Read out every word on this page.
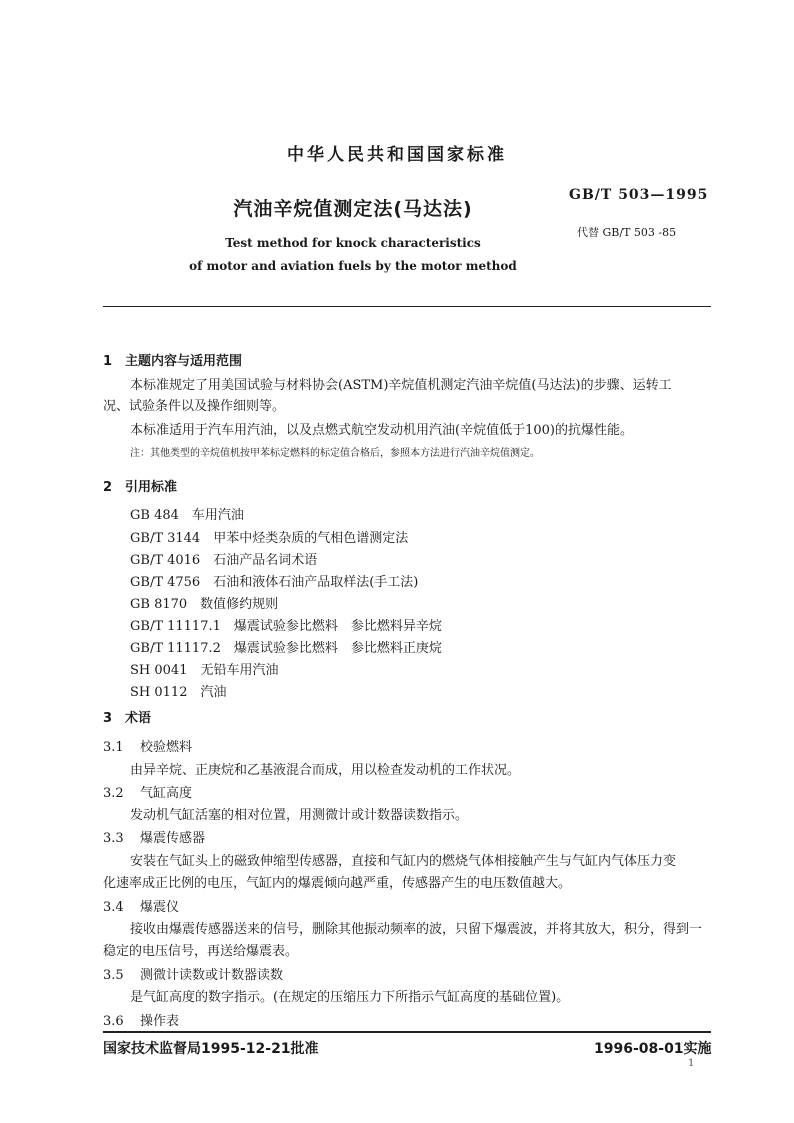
中华人民共和国国家标准
汽油辛烷值测定法(马达法)
Test method for knock characteristics
of motor and aviation fuels by the motor method
GB/T 503—1995
代替 GB/T 503 -85
1　主题内容与适用范围
本标准规定了用美国试验与材料协会(ASTM)辛烷值机测定汽油辛烷值(马达法)的步骤、运转工
况、试验条件以及操作细则等。
本标准适用于汽车用汽油，以及点燃式航空发动机用汽油(辛烷值低于100)的抗爆性能。
注：其他类型的辛烷值机按甲苯标定燃料的标定值合格后，参照本方法进行汽油辛烷值测定。
2　引用标准
GB 484　车用汽油
GB/T 3144　甲苯中烃类杂质的气相色谱测定法
GB/T 4016　石油产品名词术语
GB/T 4756　石油和液体石油产品取样法(手工法)
GB 8170　数值修约规则
GB/T 11117.1　爆震试验参比燃料　参比燃料异辛烷
GB/T 11117.2　爆震试验参比燃料　参比燃料正庚烷
SH 0041　无铅车用汽油
SH 0112　汽油
3　术语
3.1 校验燃料
由异辛烷、正庚烷和乙基液混合而成，用以检查发动机的工作状况。
3.2 气缸高度
发动机气缸活塞的相对位置，用测微计或计数器读数指示。
3.3 爆震传感器
安装在气缸头上的磁致伸缩型传感器，直接和气缸内的燃烧气体相接触产生与气缸内气体压力变
化速率成正比例的电压，气缸内的爆震倾向越严重，传感器产生的电压数值越大。
3.4 爆震仪
接收由爆震传感器送来的信号，删除其他振动频率的波，只留下爆震波，并将其放大，积分，得到一
稳定的电压信号，再送给爆震表。
3.5 测微计读数或计数器读数
是气缸高度的数字指示。(在规定的压缩压力下所指示气缸高度的基础位置)。
3.6 操作表
国家技术监督局1995-12-21批准	1996-08-01实施
1
